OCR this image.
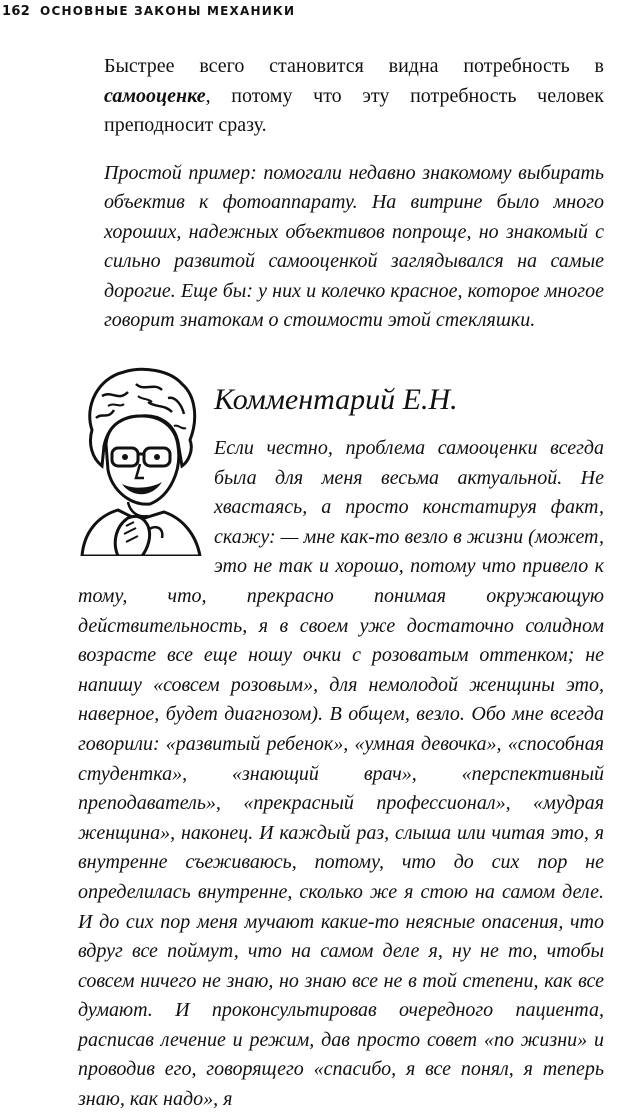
162 ОСНОВНЫЕ ЗАКОНЫ МЕХАНИКИ

Быстрее всего становится видна потребность в самооценке, потому что эту потребность человек преподносит сразу.

Простой пример: помогали недавно знакомому выбирать объектив к фотоаппарату. На витрине было много хороших, надежных объективов попроще, но знакомый с сильно развитой самооценкой заглядывался на самые дорогие. Еще бы: у них и колечко красное, которое многое говорит знатокам о стоимости этой стекляшки.

Комментарий Е.Н.

Если честно, проблема самооценки всегда была для меня весьма актуальной. Не хвастаясь, а просто констатируя факт, скажу: — мне как-то везло в жизни (может, это не так и хорошо, потому что привело к тому, что, прекрасно понимая окружающую действительность, я в своем уже достаточно солидном возрасте все еще ношу очки с розоватым оттенком; не напишу «совсем розовым», для немолодой женщины это, наверное, будет диагнозом). В общем, везло. Обо мне всегда говорили: «развитый ребенок», «умная девочка», «способная студентка», «знающий врач», «перспективный преподаватель», «прекрасный профессионал», «мудрая женщина», наконец. И каждый раз, слыша или читая это, я внутренне съеживаюсь, потому, что до сих пор не определилась внутренне, сколько же я стою на самом деле. И до сих пор меня мучают какие-то неясные опасения, что вдруг все поймут, что на самом деле я, ну не то, чтобы совсем ничего не знаю, но знаю все не в той степени, как все думают. И проконсультировав очередного пациента, расписав лечение и режим, дав просто совет «по жизни» и проводив его, говорящего «спасибо, я все понял, я теперь знаю, как надо», я
